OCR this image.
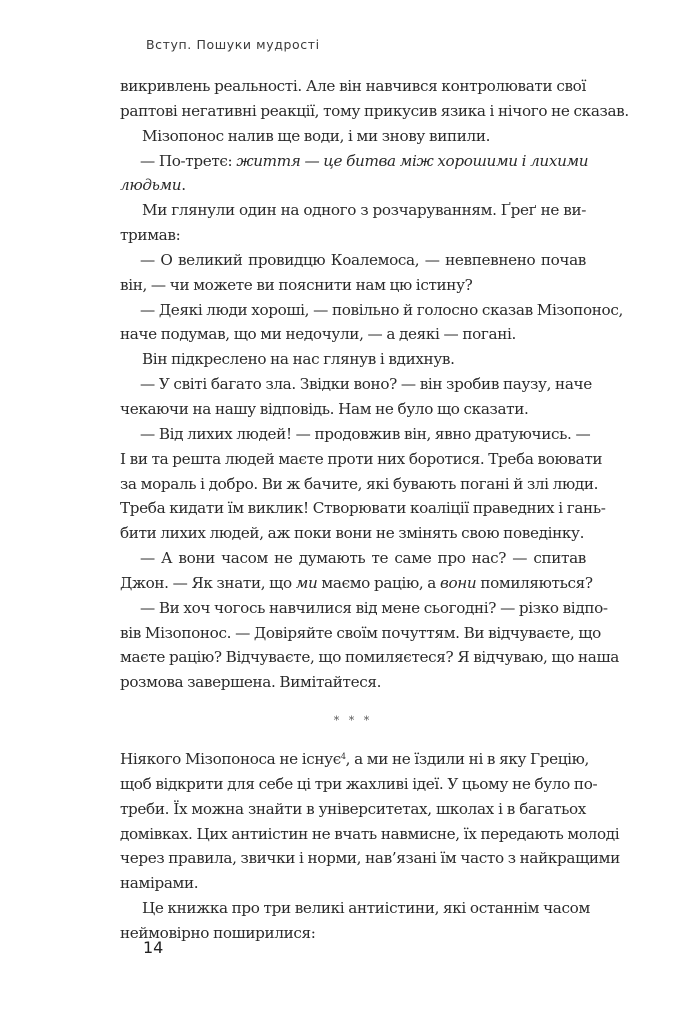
Вступ. Пошуки мудрості
викривлень реальності. Але він навчився контролювати свої
раптові негативні реакції, тому прикусив язика і нічого не сказав.
Мізопонос налив ще води, і ми знову випили.
— По-третє: життя — це битва між хорошими і лихими
людьми.
Ми глянули один на одного з розчаруванням. Ґреґ не ви-
тримав:
— О великий провидцю Коалемоса, — невпевнено почав
він, — чи можете ви пояснити нам цю істину?
— Деякі люди хороші, — повільно й голосно сказав Мізопонос,
наче подумав, що ми недочули, — а деякі — погані.
Він підкреслено на нас глянув і вдихнув.
— У світі багато зла. Звідки воно? — він зробив паузу, наче
чекаючи на нашу відповідь. Нам не було що сказати.
— Від лихих людей! — продовжив він, явно дратуючись. —
І ви та решта людей маєте проти них боротися. Треба воювати
за мораль і добро. Ви ж бачите, які бувають погані й злі люди.
Треба кидати їм виклик! Створювати коаліції праведних і гань-
бити лихих людей, аж поки вони не змінять свою поведінку.
— А вони часом не думають те саме про нас? — спитав
Джон. — Як знати, що ми маємо рацію, а вони помиляються?
— Ви хоч чогось навчилися від мене сьогодні? — різко відпо-
вів Мізопонос. — Довіряйте своїм почуттям. Ви відчуваєте, що
маєте рацію? Відчуваєте, що помиляєтеся? Я відчуваю, що наша
розмова завершена. Вимітайтеся.
* * *
Ніякого Мізопоноса не існує$^4$, а ми не їздили ні в яку Грецію,
щоб відкрити для себе ці три жахливі ідеї. У цьому не було по-
треби. Їх можна знайти в університетах, школах і в багатьох
домівках. Цих антиістин не вчать навмисне, їх передають молоді
через правила, звички і норми, нав’язані їм часто з найкращими
намірами.
Це книжка про три великі антиістини, які останнім часом
неймовірно поширилися:
14
